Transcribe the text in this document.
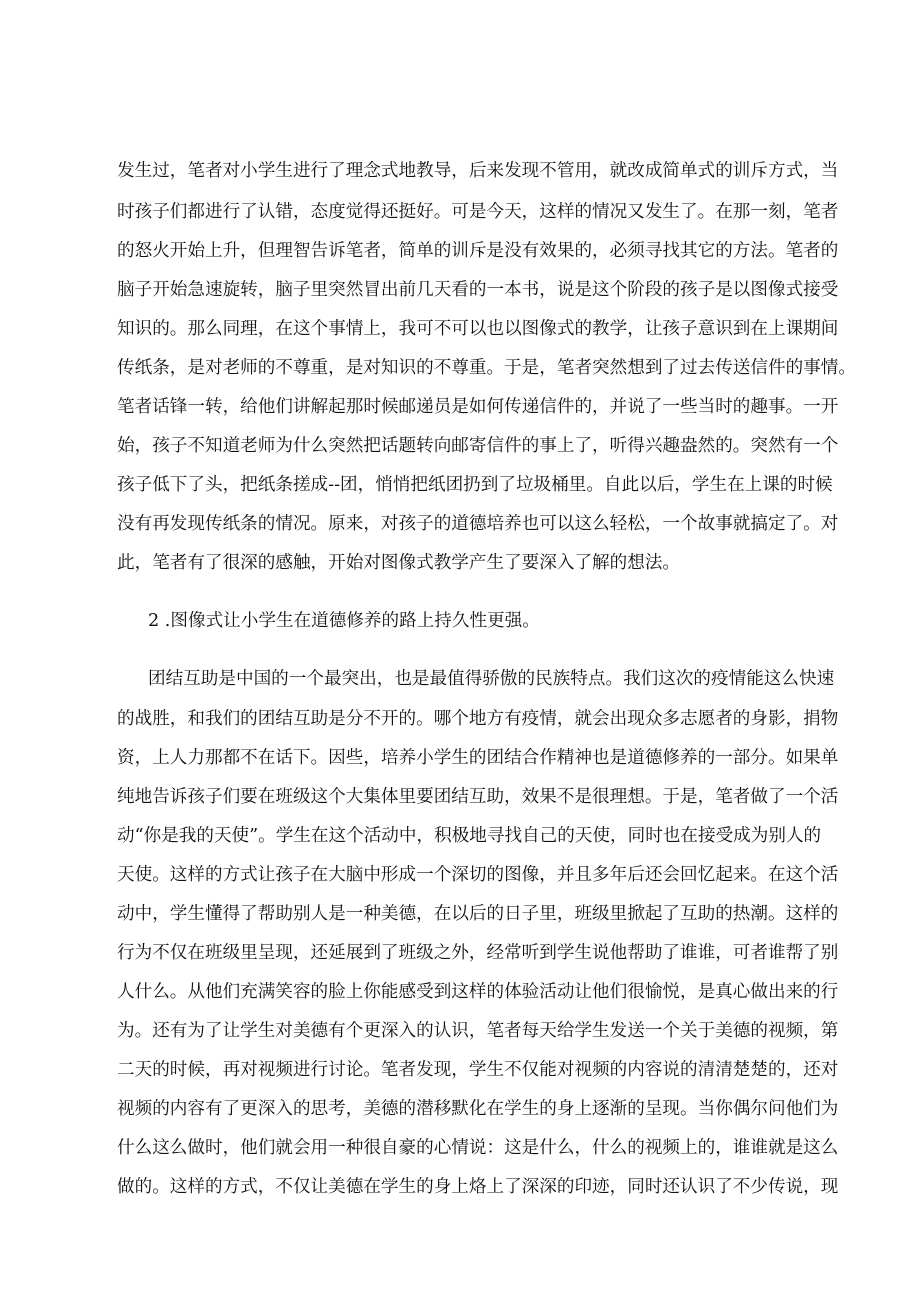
发生过，笔者对小学生进行了理念式地教导，后来发现不管用，就改成简单式的训斥方式，当
时孩子们都进行了认错，态度觉得还挺好。可是今天，这样的情况又发生了。在那一刻，笔者
的怒火开始上升，但理智告诉笔者，简单的训斥是没有效果的，必须寻找其它的方法。笔者的
脑子开始急速旋转，脑子里突然冒出前几天看的一本书，说是这个阶段的孩子是以图像式接受
知识的。那么同理，在这个事情上，我可不可以也以图像式的教学，让孩子意识到在上课期间
传纸条，是对老师的不尊重，是对知识的不尊重。于是，笔者突然想到了过去传送信件的事情。
笔者话锋一转，给他们讲解起那时候邮递员是如何传递信件的，并说了一些当时的趣事。一开
始，孩子不知道老师为什么突然把话题转向邮寄信件的事上了，听得兴趣盎然的。突然有一个
孩子低下了头，把纸条搓成--团，悄悄把纸团扔到了垃圾桶里。自此以后，学生在上课的时候
没有再发现传纸条的情况。原来，对孩子的道德培养也可以这么轻松，一个故事就搞定了。对
此，笔者有了很深的感触，开始对图像式教学产生了要深入了解的想法。
2 .图像式让小学生在道德修养的路上持久性更强。
团结互助是中国的一个最突出，也是最值得骄傲的民族特点。我们这次的疫情能这么快速
的战胜，和我们的团结互助是分不开的。哪个地方有疫情，就会出现众多志愿者的身影，捐物
资，上人力那都不在话下。因些，培养小学生的团结合作精神也是道德修养的一部分。如果单
纯地告诉孩子们要在班级这个大集体里要团结互助，效果不是很理想。于是，笔者做了一个活
动“你是我的天使”。学生在这个活动中，积极地寻找自己的天使，同时也在接受成为别人的
天使。这样的方式让孩子在大脑中形成一个深切的图像，并且多年后还会回忆起来。在这个活
动中，学生懂得了帮助别人是一种美德，在以后的日子里，班级里掀起了互助的热潮。这样的
行为不仅在班级里呈现，还延展到了班级之外，经常听到学生说他帮助了谁谁，可者谁帮了别
人什么。从他们充满笑容的脸上你能感受到这样的体验活动让他们很愉悦，是真心做出来的行
为。还有为了让学生对美德有个更深入的认识，笔者每天给学生发送一个关于美德的视频，第
二天的时候，再对视频进行讨论。笔者发现，学生不仅能对视频的内容说的清清楚楚的，还对
视频的内容有了更深入的思考，美德的潜移默化在学生的身上逐渐的呈现。当你偶尔问他们为
什么这么做时，他们就会用一种很自豪的心情说：这是什么，什么的视频上的，谁谁就是这么
做的。这样的方式，不仅让美德在学生的身上烙上了深深的印迹，同时还认识了不少传说，现
